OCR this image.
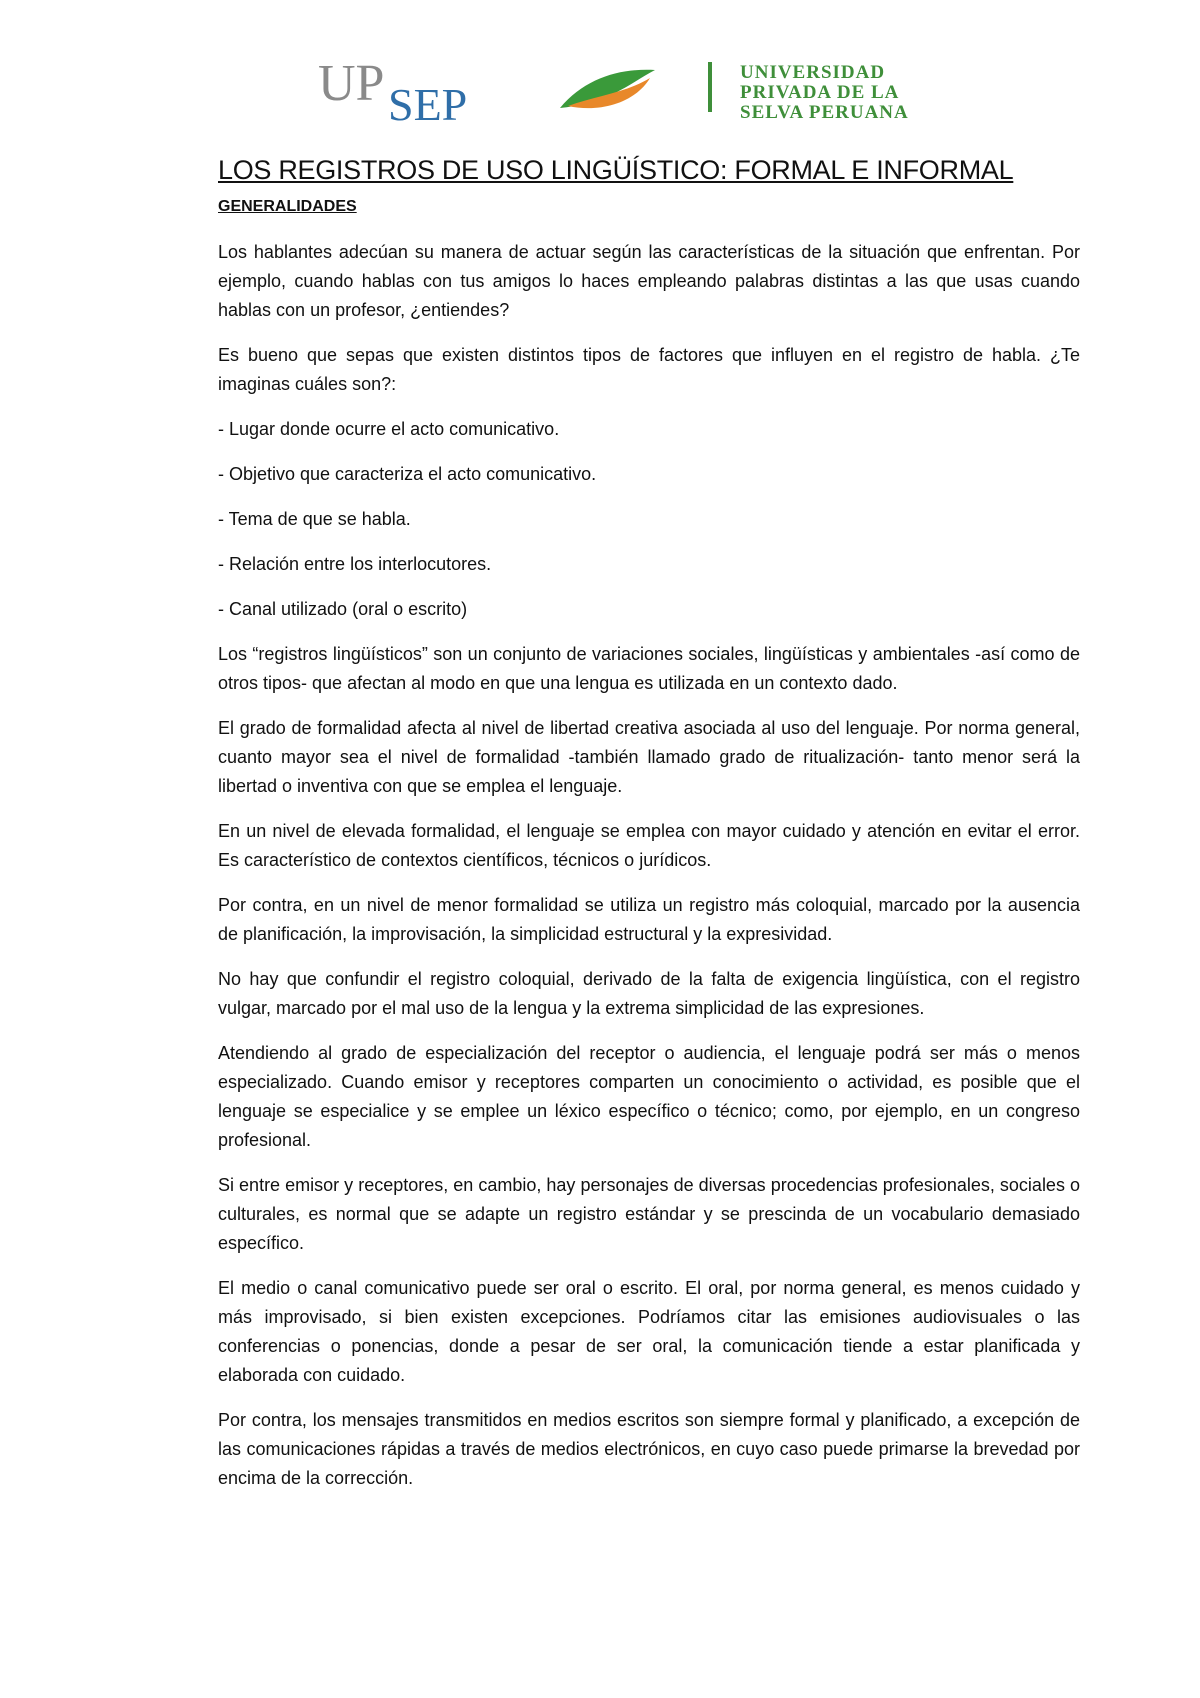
UP SEP
UNIVERSIDAD
PRIVADA DE LA
SELVA PERUANA
LOS REGISTROS DE USO LINGÜÍSTICO: FORMAL E INFORMAL
GENERALIDADES

Los hablantes adecúan su manera de actuar según las características de la situación que enfrentan. Por ejemplo, cuando hablas con tus amigos lo haces empleando palabras distintas a las que usas cuando hablas con un profesor, ¿entiendes?

Es bueno que sepas que existen distintos tipos de factores que influyen en el registro de habla. ¿Te imaginas cuáles son?:

- Lugar donde ocurre el acto comunicativo.
- Objetivo que caracteriza el acto comunicativo.
- Tema de que se habla.
- Relación entre los interlocutores.
- Canal utilizado (oral o escrito)

Los “registros lingüísticos” son un conjunto de variaciones sociales, lingüísticas y ambientales -así como de otros tipos- que afectan al modo en que una lengua es utilizada en un contexto dado.

El grado de formalidad afecta al nivel de libertad creativa asociada al uso del lenguaje. Por norma general, cuanto mayor sea el nivel de formalidad -también llamado grado de ritualización- tanto menor será la libertad o inventiva con que se emplea el lenguaje.

En un nivel de elevada formalidad, el lenguaje se emplea con mayor cuidado y atención en evitar el error. Es característico de contextos científicos, técnicos o jurídicos.

Por contra, en un nivel de menor formalidad se utiliza un registro más coloquial, marcado por la ausencia de planificación, la improvisación, la simplicidad estructural y la expresividad.

No hay que confundir el registro coloquial, derivado de la falta de exigencia lingüística, con el registro vulgar, marcado por el mal uso de la lengua y la extrema simplicidad de las expresiones.

Atendiendo al grado de especialización del receptor o audiencia, el lenguaje podrá ser más o menos especializado. Cuando emisor y receptores comparten un conocimiento o actividad, es posible que el lenguaje se especialice y se emplee un léxico específico o técnico; como, por ejemplo, en un congreso profesional.

Si entre emisor y receptores, en cambio, hay personajes de diversas procedencias profesionales, sociales o culturales, es normal que se adapte un registro estándar y se prescinda de un vocabulario demasiado específico.

El medio o canal comunicativo puede ser oral o escrito. El oral, por norma general, es menos cuidado y más improvisado, si bien existen excepciones. Podríamos citar las emisiones audiovisuales o las conferencias o ponencias, donde a pesar de ser oral, la comunicación tiende a estar planificada y elaborada con cuidado.

Por contra, los mensajes transmitidos en medios escritos son siempre formal y planificado, a excepción de las comunicaciones rápidas a través de medios electrónicos, en cuyo caso puede primarse la brevedad por encima de la corrección.
